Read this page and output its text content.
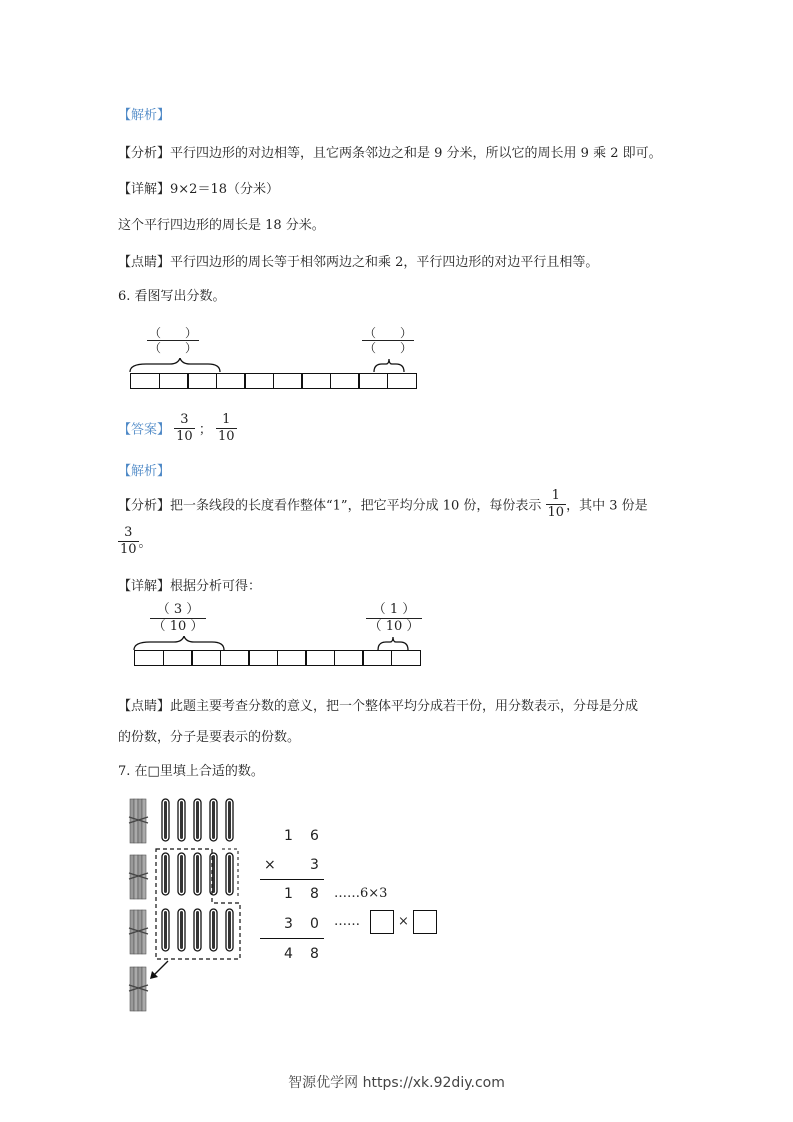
【解析】
【分析】平行四边形的对边相等，且它两条邻边之和是 9 分米，所以它的周长用 9 乘 2 即可。
【详解】9×2＝18（分米）
这个平行四边形的周长是 18 分米。
【点睛】平行四边形的周长等于相邻两边之和乘 2，平行四边形的对边平行且相等。
6. 看图写出分数。
（　　）
（　　）
（　　）
（　　）
【答案】 $\frac{3}{10}$ ； $\frac{1}{10}$
【解析】
【分析】把一条线段的长度看作整体“1”，把它平均分成 10 份，每份表示 $\frac{1}{10}$ ，其中 3 份是
$\frac{3}{10}$ 。
【详解】根据分析可得：
$\frac{( 3 )}{( 10 )}$	$\frac{( 1 )}{( 10 )}$
【点睛】此题主要考查分数的意义，把一个整体平均分成若干份，用分数表示，分母是分成
的份数，分子是要表示的份数。
7. 在□里填上合适的数。
1 6
× 3
1 8
3 0
4 8
……6×3
……	×
智源优学网 https://xk.92diy.com
